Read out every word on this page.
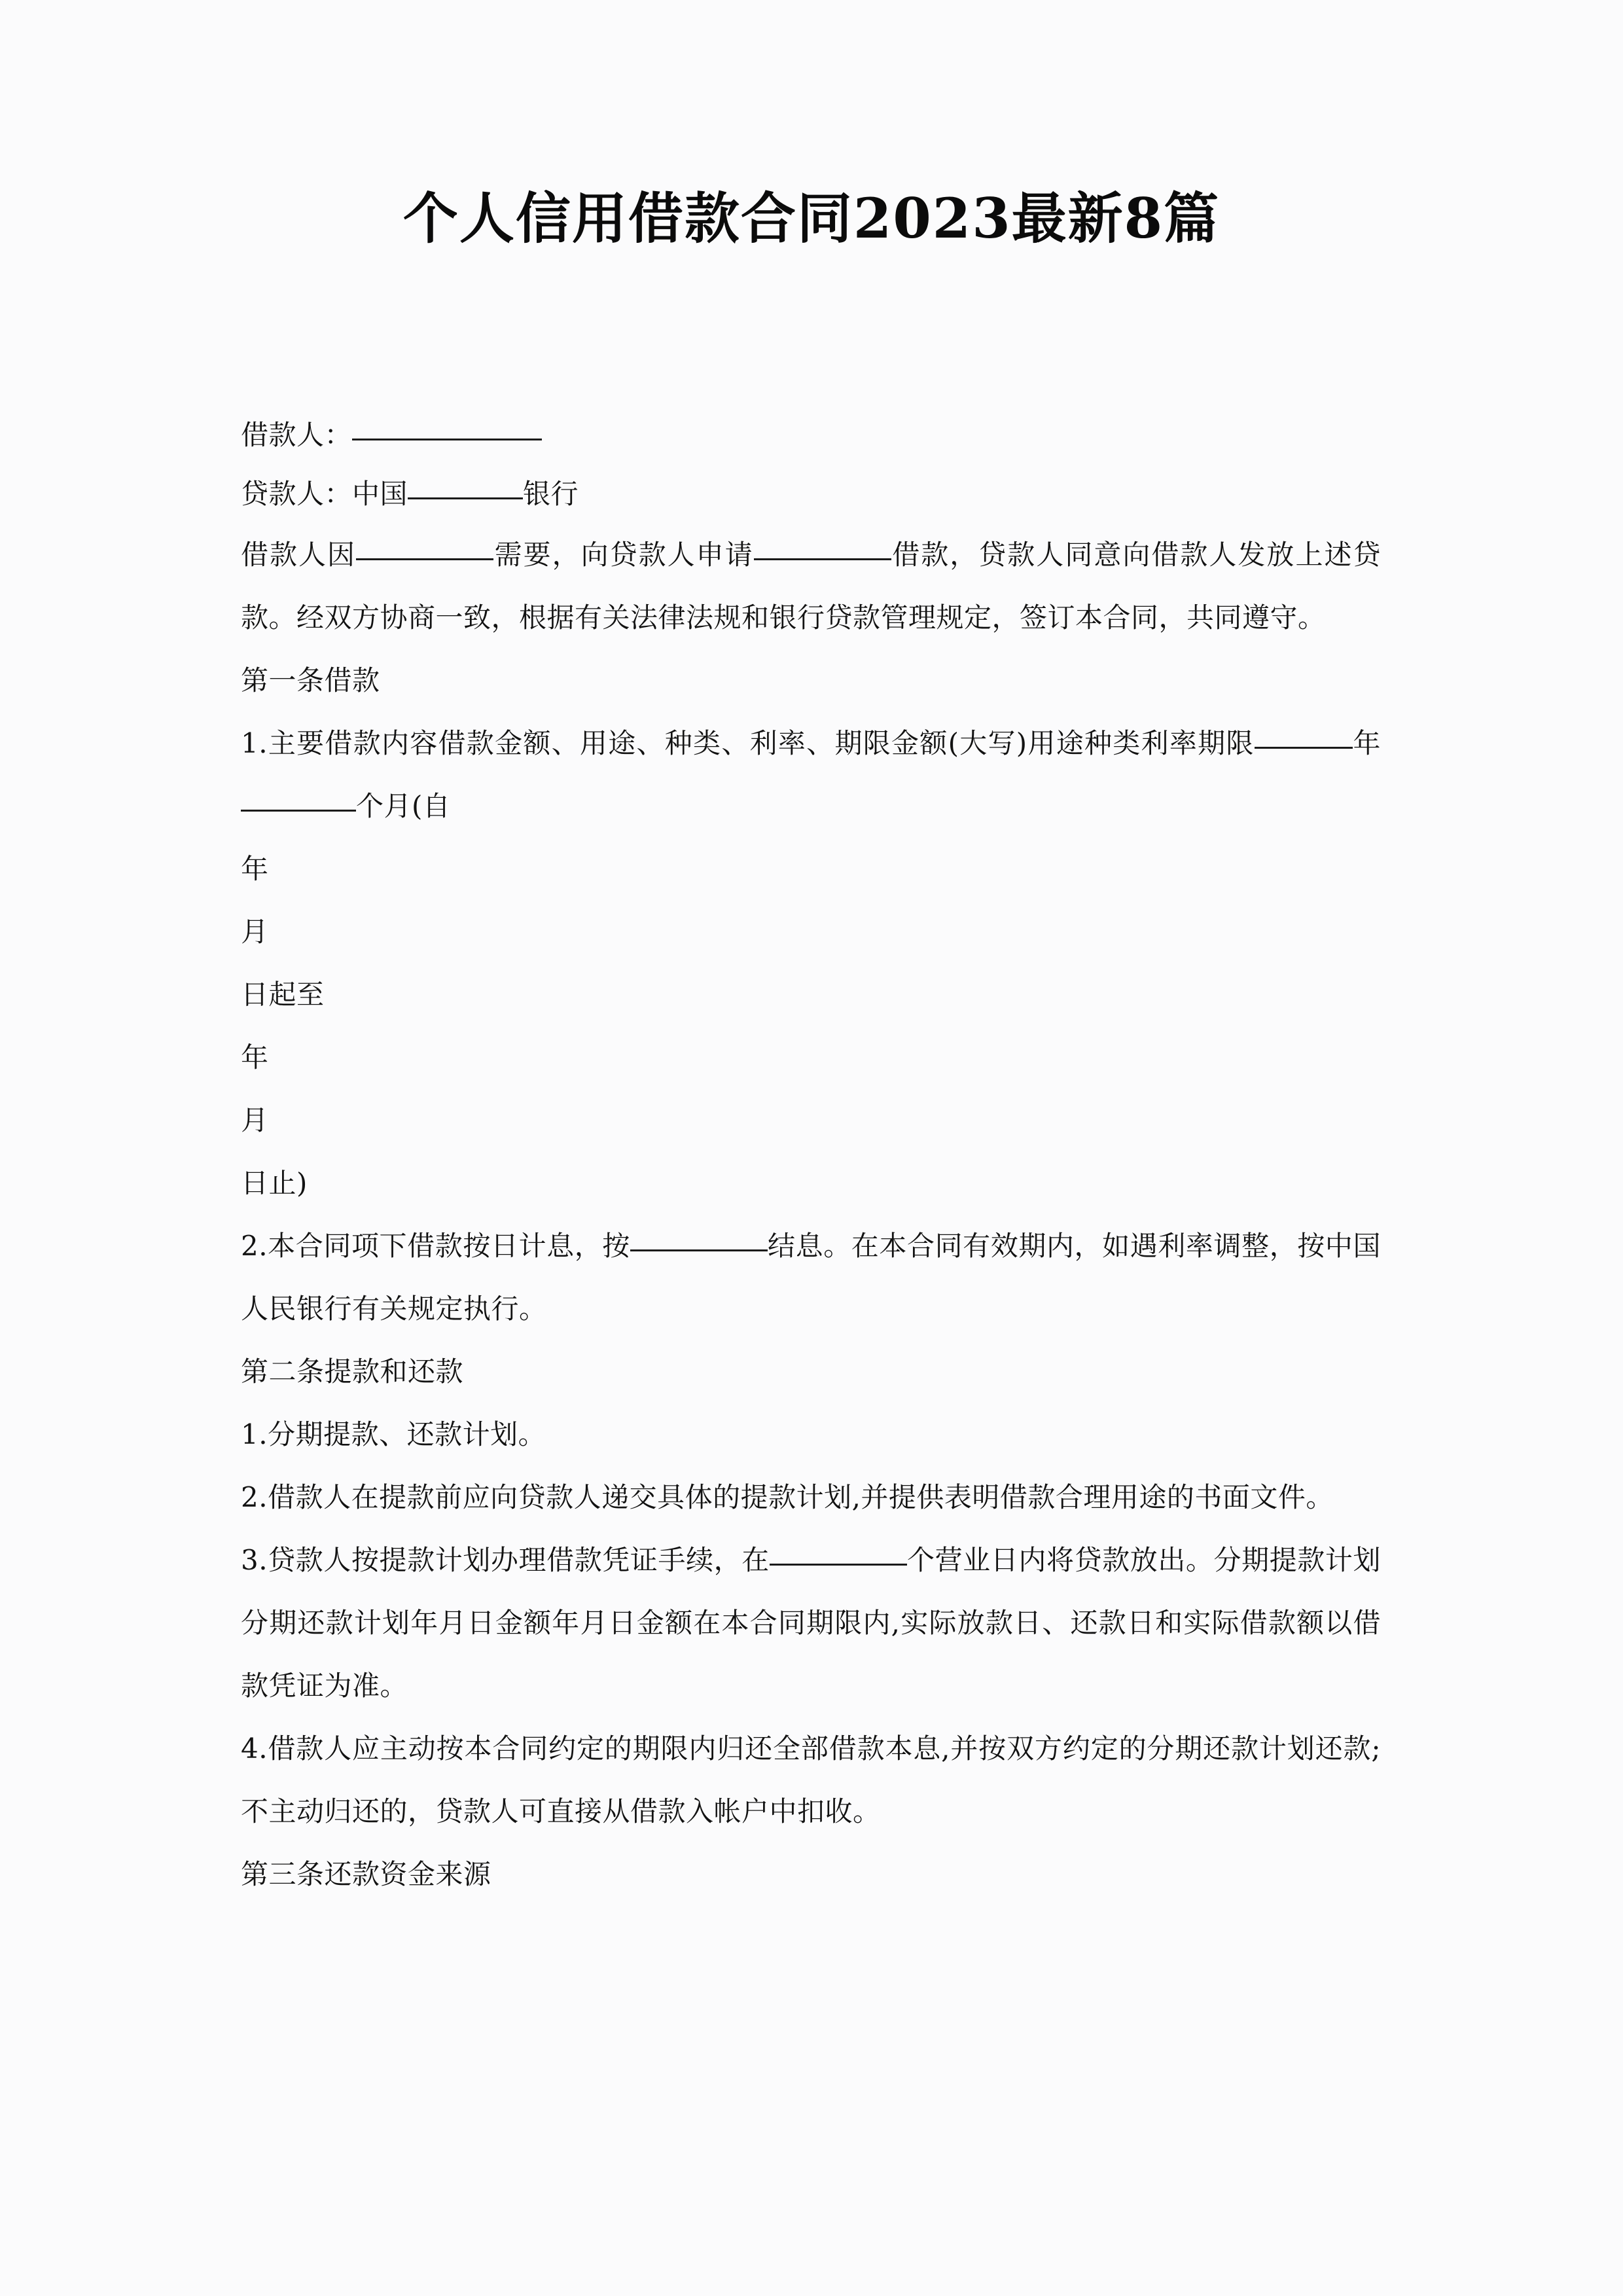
个人信用借款合同2023最新8篇

借款人：

贷款人：中国	银行

借款人因	需要，向贷款人申请	借款，贷款人同意向借款人发放上述贷款。经双方协商一致，根据有关法律法规和银行贷款管理规定，签订本合同，共同遵守。

第一条借款

1.主要借款内容借款金额、用途、种类、利率、期限金额(大写)用途种类利率期限	年个月(自

年

月

日起至

年

月

日止)

2.本合同项下借款按日计息，按	结息。在本合同有效期内，如遇利率调整，按中国人民银行有关规定执行。

第二条提款和还款

1.分期提款、还款计划。

2.借款人在提款前应向贷款人递交具体的提款计划,并提供表明借款合理用途的书面文件。

3.贷款人按提款计划办理借款凭证手续，在	个营业日内将贷款放出。分期提款计划分期还款计划年月日金额年月日金额在本合同期限内,实际放款日、还款日和实际借款额以借款凭证为准。

4.借款人应主动按本合同约定的期限内归还全部借款本息,并按双方约定的分期还款计划还款;不主动归还的，贷款人可直接从借款入帐户中扣收。

第三条还款资金来源
